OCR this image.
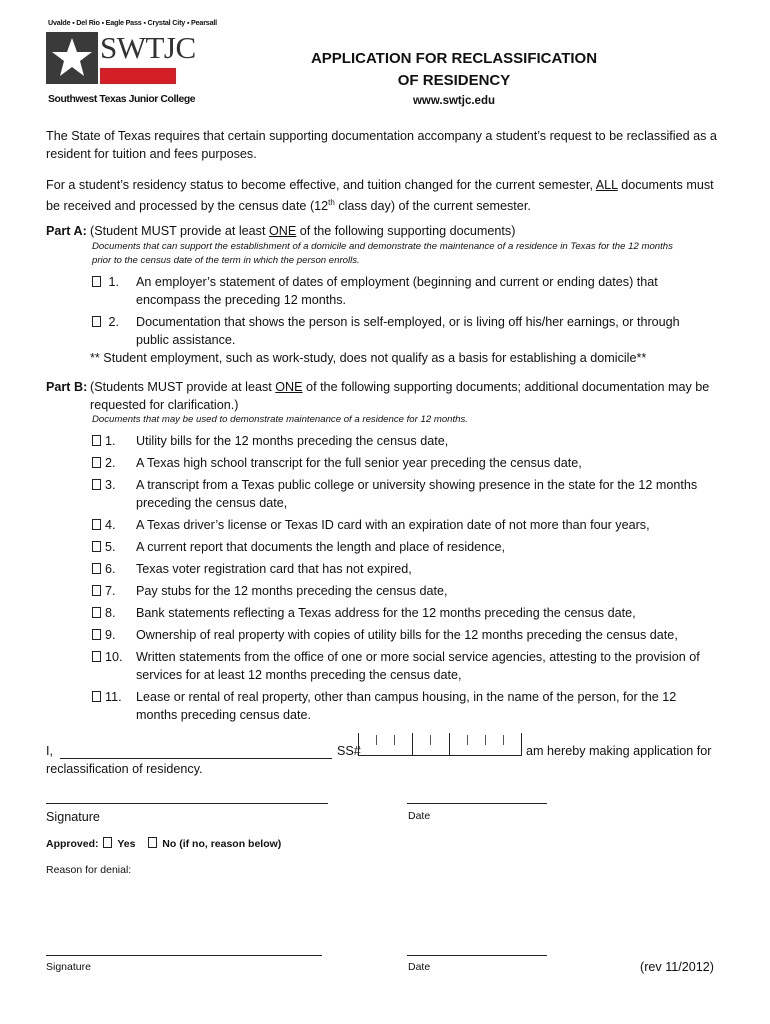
Uvalde ▪ Del Rio ▪ Eagle Pass ▪ Crystal City ▪ Pearsall
SWTJC
Southwest Texas Junior College
APPLICATION FOR RECLASSIFICATION
OF RESIDENCY
www.swtjc.edu
The State of Texas requires that certain supporting documentation accompany a student’s request to be reclassified as a
resident for tuition and fees purposes.
For a student’s residency status to become effective, and tuition changed for the current semester, ALL documents must
be received and processed by the census date (12th class day) of the current semester.
Part A: (Student MUST provide at least ONE of the following supporting documents)
Documents that can support the establishment of a domicile and demonstrate the maintenance of a residence in Texas for the 12 months
prior to the census date of the term in which the person enrolls.
1. An employer’s statement of dates of employment (beginning and current or ending dates) that
encompass the preceding 12 months.
2. Documentation that shows the person is self-employed, or is living off his/her earnings, or through
public assistance.
** Student employment, such as work-study, does not qualify as a basis for establishing a domicile**
Part B: (Students MUST provide at least ONE of the following supporting documents; additional documentation may be
requested for clarification.)
Documents that may be used to demonstrate maintenance of a residence for 12 months.
1. Utility bills for the 12 months preceding the census date,
2. A Texas high school transcript for the full senior year preceding the census date,
3. A transcript from a Texas public college or university showing presence in the state for the 12 months
preceding the census date,
4. A Texas driver’s license or Texas ID card with an expiration date of not more than four years,
5. A current report that documents the length and place of residence,
6. Texas voter registration card that has not expired,
7. Pay stubs for the 12 months preceding the census date,
8. Bank statements reflecting a Texas address for the 12 months preceding the census date,
9. Ownership of real property with copies of utility bills for the 12 months preceding the census date,
10. Written statements from the office of one or more social service agencies, attesting to the provision of
services for at least 12 months preceding the census date,
11. Lease or rental of real property, other than campus housing, in the name of the person, for the 12
months preceding census date.
I,	SS#	am hereby making application for
reclassification of residency.
Signature	Date
Approved: Yes	No (if no, reason below)
Reason for denial:
Signature	Date	(rev 11/2012)
